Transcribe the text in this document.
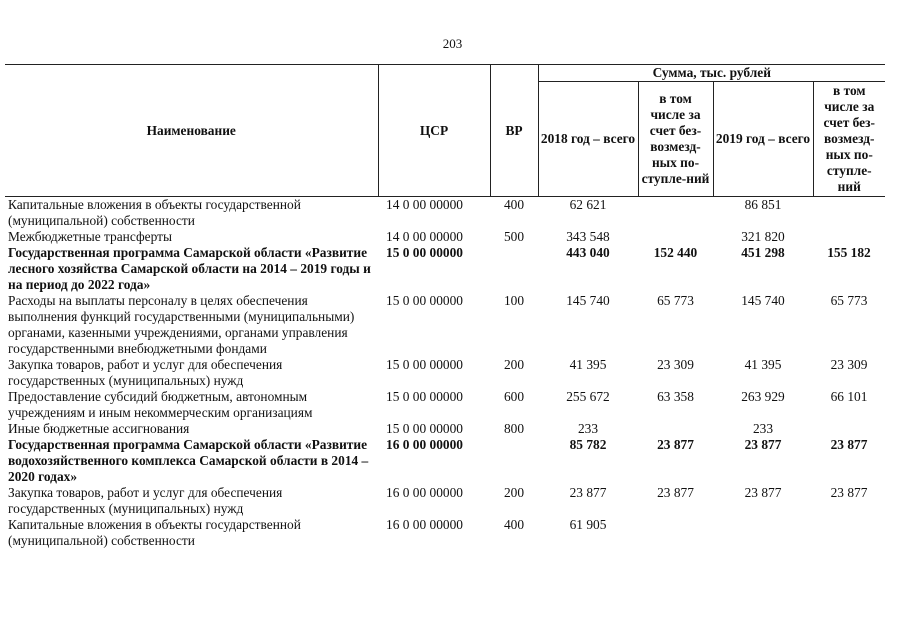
203
Наименование	ЦСР	ВР	Сумма, тыс. рублей			
			2018 год – всего	в том числе за счет без-возмезд-ных по-ступле-ний	2019 год – всего	в том числе за счет без-возмезд-ных по-ступле-ний
Капитальные вложения в объекты государственной (муниципальной) собственности	14 0 00 00000	400	62 621		86 851	
Межбюджетные трансферты	14 0 00 00000	500	343 548		321 820	
Государственная программа Самарской области «Развитие лесного хозяйства Самарской области на 2014 – 2019 годы и на период до 2022 года»	15 0 00 00000		443 040	152 440	451 298	155 182
Расходы на выплаты персоналу в целях обеспечения выполнения функций государственными (муниципальными) органами, казенными учреждениями, органами управления государственными внебюджетными фондами	15 0 00 00000	100	145 740	65 773	145 740	65 773
Закупка товаров, работ и услуг для обеспечения государственных (муниципальных) нужд	15 0 00 00000	200	41 395	23 309	41 395	23 309
Предоставление субсидий бюджетным, автономным учреждениям и иным некоммерческим организациям	15 0 00 00000	600	255 672	63 358	263 929	66 101
Иные бюджетные ассигнования	15 0 00 00000	800	233		233	
Государственная программа Самарской области «Развитие водохозяйственного комплекса Самарской области в 2014 – 2020 годах»	16 0 00 00000		85 782	23 877	23 877	23 877
Закупка товаров, работ и услуг для обеспечения государственных (муниципальных) нужд	16 0 00 00000	200	23 877	23 877	23 877	23 877
Капитальные вложения в объекты государственной (муниципальной) собственности	16 0 00 00000	400	61 905			
